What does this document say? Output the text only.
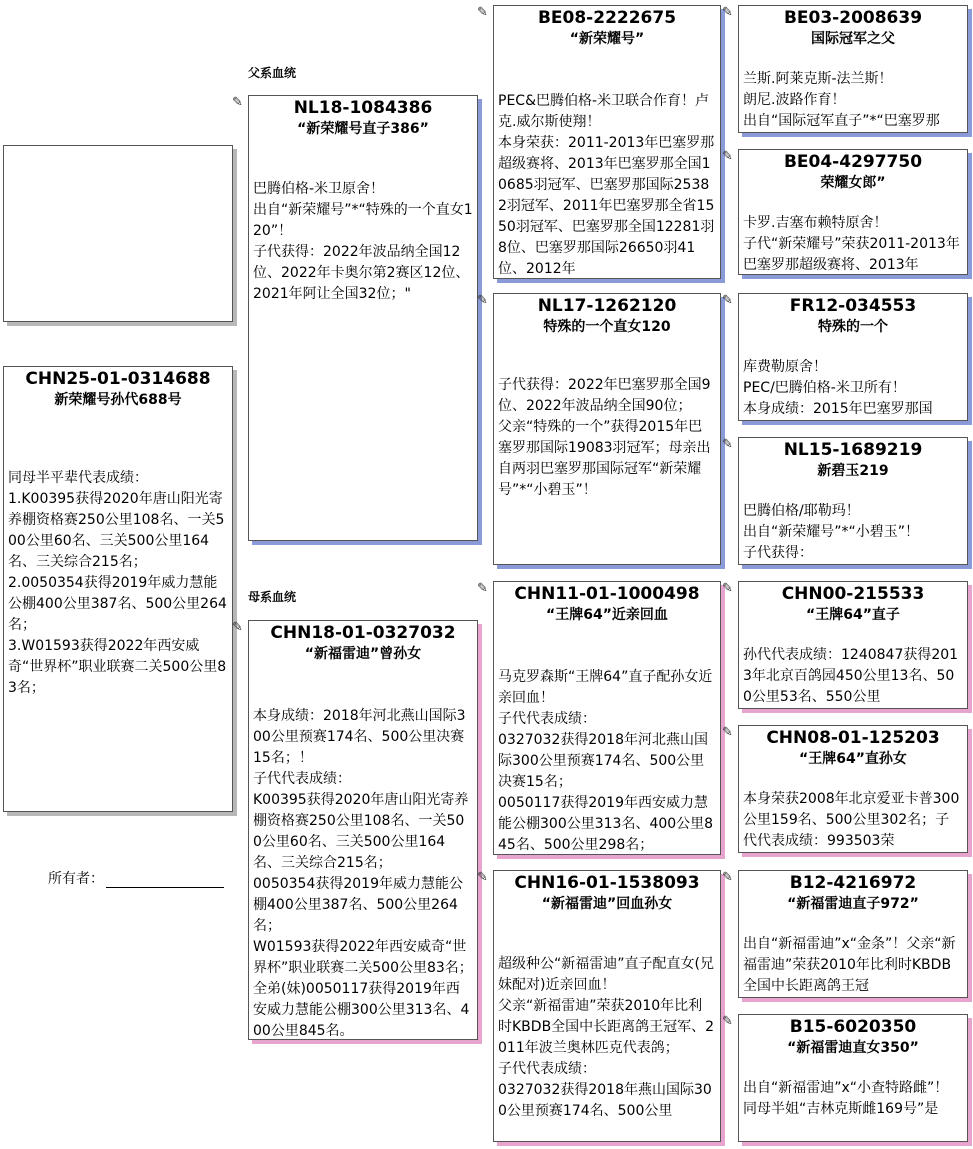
CHN25-01-0314688
新荣耀号孙代688号
同母半平辈代表成绩：
1.K00395获得2020年唐山阳光寄养棚资格赛250公里108名、一关500公里60名、三关500公里164名、三关综合215名；
2.0050354获得2019年威力慧能公棚400公里387名、500公里264名；
3.W01593获得2022年西安威奇“世界杯”职业联赛二关500公里83名；
所有者：
父系血统
母系血统
✎	NL18-1084386
“新荣耀号直子386”
巴腾伯格-米卫原舍！
出自“新荣耀号”*“特殊的一个直女120”！
子代获得：2022年波品纳全国12位、2022年卡奥尔第2赛区12位、2021年阿让全国32位；"
✎	CHN18-01-0327032
“新福雷迪”曾孙女
本身成绩：2018年河北燕山国际300公里预赛174名、500公里决赛15名；！
子代代表成绩：
K00395获得2020年唐山阳光寄养棚资格赛250公里108名、一关500公里60名、三关500公里164名、三关综合215名；
0050354获得2019年威力慧能公棚400公里387名、500公里264名；
W01593获得2022年西安威奇“世界杯”职业联赛二关500公里83名；
全弟(妹)0050117获得2019年西安威力慧能公棚300公里313名、400公里845名。
✎	BE08-2222675
“新荣耀号”
PEC&巴腾伯格-米卫联合作育！卢克.威尔斯使翔！
本身荣获：2011-2013年巴塞罗那超级赛将、2013年巴塞罗那全国10685羽冠军、巴塞罗那国际25382羽冠军、2011年巴塞罗那全省1550羽冠军、巴塞罗那全国12281羽8位、巴塞罗那国际26650羽41位、2012年
✎	NL17-1262120
特殊的一个直女120
子代获得：2022年巴塞罗那全国9位、2022年波品纳全国90位；
父亲“特殊的一个”获得2015年巴塞罗那国际19083羽冠军；母亲出自两羽巴塞罗那国际冠军“新荣耀号”*“小碧玉”！
✎	CHN11-01-1000498
“王牌64”近亲回血
马克罗森斯“王牌64”直子配孙女近亲回血！
子代代表成绩：
0327032获得2018年河北燕山国际300公里预赛174名、500公里决赛15名；
0050117获得2019年西安威力慧能公棚300公里313名、400公里845名、500公里298名；
✎	CHN16-01-1538093
“新福雷迪”回血孙女
超级种公“新福雷迪”直子配直女(兄妹配对)近亲回血！
父亲“新福雷迪”荣获2010年比利时KBDB全国中长距离鸽王冠军、2011年波兰奥林匹克代表鸽；
子代代表成绩：
0327032获得2018年燕山国际300公里预赛174名、500公里
✎	BE03-2008639
国际冠军之父
兰斯.阿莱克斯-法兰斯！
朗尼.波路作育！
出自“国际冠军直子”*“巴塞罗那
✎	BE04-4297750
荣耀女郎”
卡罗.吉塞布赖特原舍！
子代“新荣耀号”荣获2011-2013年巴塞罗那超级赛将、2013年
✎	FR12-034553
特殊的一个
库费勒原舍！
PEC/巴腾伯格-米卫所有！
本身成绩：2015年巴塞罗那国
✎	NL15-1689219
新碧玉219
巴腾伯格/耶勒玛！
出自“新荣耀号”*“小碧玉”！
子代获得：
✎	CHN00-215533
“王牌64”直子
孙代代表成绩：1240847获得2013年北京百鸽园450公里13名、500公里53名、550公里
✎	CHN08-01-125203
“王牌64”直孙女
本身荣获2008年北京爱亚卡普300公里159名、500公里302名；子代代表成绩：993503荣
✎	B12-4216972
“新福雷迪直子972”
出自“新福雷迪”x“金条”！父亲“新福雷迪”荣获2010年比利时KBDB全国中长距离鸽王冠
✎	B15-6020350
“新福雷迪直女350”
出自“新福雷迪”x“小查特路雌”！
同母半姐“吉林克斯雌169号”是
